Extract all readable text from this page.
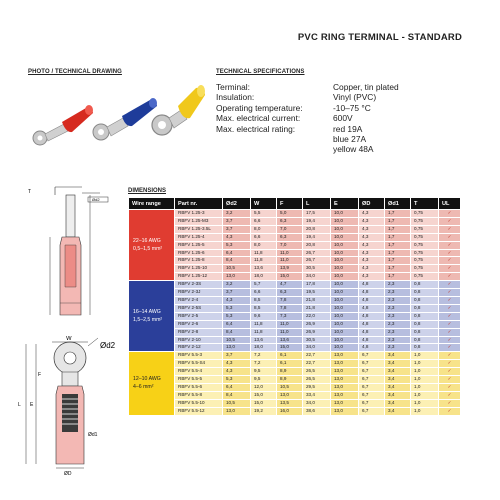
PVC RING TERMINAL - STANDARD
PHOTO / TECHNICAL DRAWING	TECHNICAL SPECIFICATIONS
Terminal:	Copper, tin plated
Insulation:	Vinyl (PVC)
Operating temperature:	-10–75 °C
Max. electrical current:	600V
Max. electrical rating:	red 19A
blue 27A
yellow 48A
T
Ød2
W
Ød2
E
L
F
Ød1
ØD
DIMENSIONS
Wire range	Part nr.	Ød2	W	F	L	E	ØD	Ød1	T	UL

22–16 AWG
0,5–1,5 mm²	RBFV 1.25-3	3,2	5,5	5,0	17,5	10,0	4,3	1,7	0,75	✓
	RBFV 1.25-M3	3,7	6,6	6,3	19,4	10,0	4,3	1,7	0,75	✓
	RBFV 1.25-3.5L	3,7	8,0	7,0	20,8	10,0	4,3	1,7	0,75	✓
	RBFV 1.25-4	4,3	6,6	6,3	19,4	10,0	4,3	1,7	0,75	✓
	RBFV 1.25-5	5,3	8,0	7,0	20,8	10,0	4,3	1,7	0,75	✓
	RBFV 1.25-6	6,4	11,8	11,0	26,7	10,0	4,3	1,7	0,75	✓
	RBFV 1.25-8	8,4	11,8	11,0	26,7	10,0	4,3	1,7	0,75	✓
	RBFV 1.25-10	10,5	13,6	13,9	30,5	10,0	4,3	1,7	0,75	✓
	RBFV 1.25-12	13,0	18,0	15,0	34,0	10,0	4,3	1,7	0,75	✓

16–14 AWG
1,5–2,5 mm²	RBFV 2-3S	3,2	5,7	4,7	17,8	10,0	4,8	2,3	0,8	✓
	RBFV 2-3J	3,7	6,6	6,3	19,5	10,0	4,8	2,3	0,8	✓
	RBFV 2-4	4,3	8,5	7,8	21,8	10,0	4,8	2,3	0,8	✓
	RBFV 2-5S	5,3	8,5	7,8	21,8	10,0	4,8	2,3	0,8	✓
	RBFV 2-5	5,3	9,6	7,3	22,0	10,0	4,8	2,3	0,8	✓
	RBFV 2-6	6,4	11,8	11,0	26,9	10,0	4,8	2,3	0,8	✓
	RBFV 2-8	8,4	11,8	11,0	26,9	10,0	4,8	2,3	0,8	✓
	RBFV 2-10	10,5	13,6	13,6	30,5	10,0	4,8	2,3	0,8	✓
	RBFV 2-12	13,0	18,0	15,0	34,0	10,0	4,8	2,3	0,8	✓

12–10 AWG
4–6 mm²	RBFV 5.5-3	3,7	7,2	6,1	22,7	13,0	6,7	3,4	1,0	✓
	RBFV 5.5-S4	4,3	7,2	6,1	22,7	13,0	6,7	3,4	1,0	✓
	RBFV 5.5-4	4,3	9,5	8,9	26,5	13,0	6,7	3,4	1,0	✓
	RBFV 5.5-5	5,3	9,5	8,9	26,5	13,0	6,7	3,4	1,0	✓
	RBFV 5.5-6	6,4	12,0	10,5	29,5	13,0	6,7	3,4	1,0	✓
	RBFV 5.5-8	8,4	15,0	13,0	33,4	13,0	6,7	3,4	1,0	✓
	RBFV 5.5-10	10,5	15,0	13,5	34,0	13,0	6,7	3,4	1,0	✓
	RBFV 5.5-12	13,0	19,2	16,0	38,6	13,0	6,7	3,4	1,0	✓
